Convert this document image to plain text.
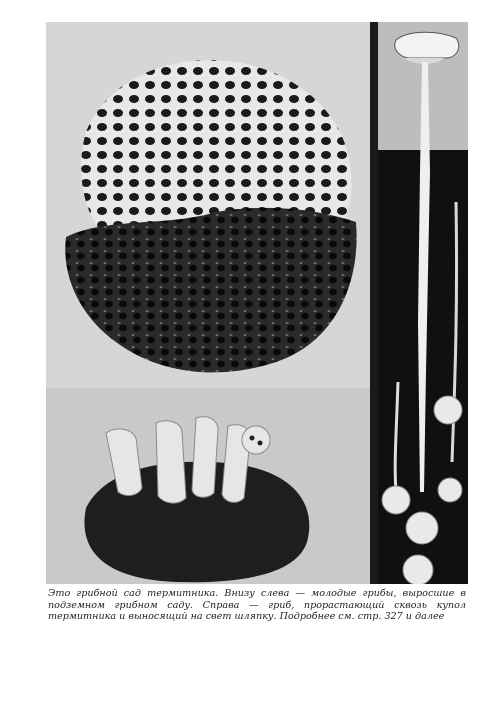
Это грибной сад термитника. Внизу слева — молодые грибы, выросшие в подземном грибном саду. Справа — гриб, прорастающий сквозь купол термитника и выносящий на свет шляпку. Подробнее см. стр. 327 и далее
